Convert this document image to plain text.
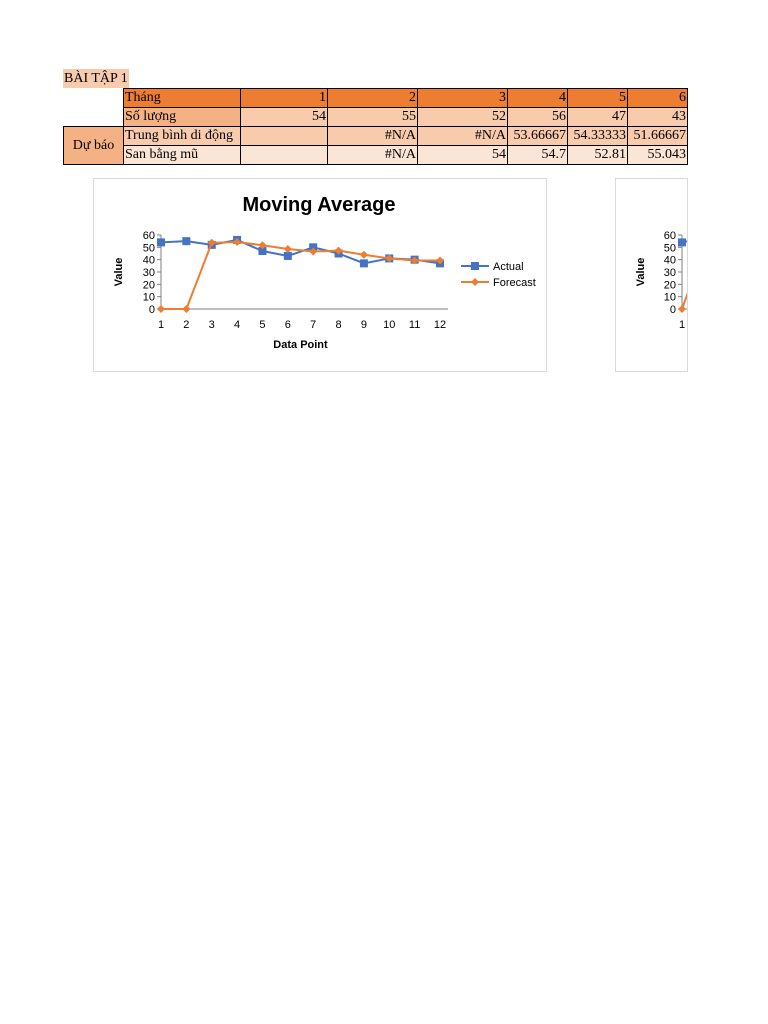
BÀI TẬP 1
	Tháng	1	2	3	4	5	6
	Số lượng	54	55	52	56	47	43
Dự báo	Trung bình di động		#N/A	#N/A	53.66667	54.33333	51.66667
	San bằng mũ		#N/A	54	54.7	52.81	55.043
Moving Average
0
10
20
30
40
50
60
1 2 3 4 5 6 7 8 9 10 11 12
Value
Data Point
Actual
Forecast
0
10
20
30
40
50
60
1
Value
